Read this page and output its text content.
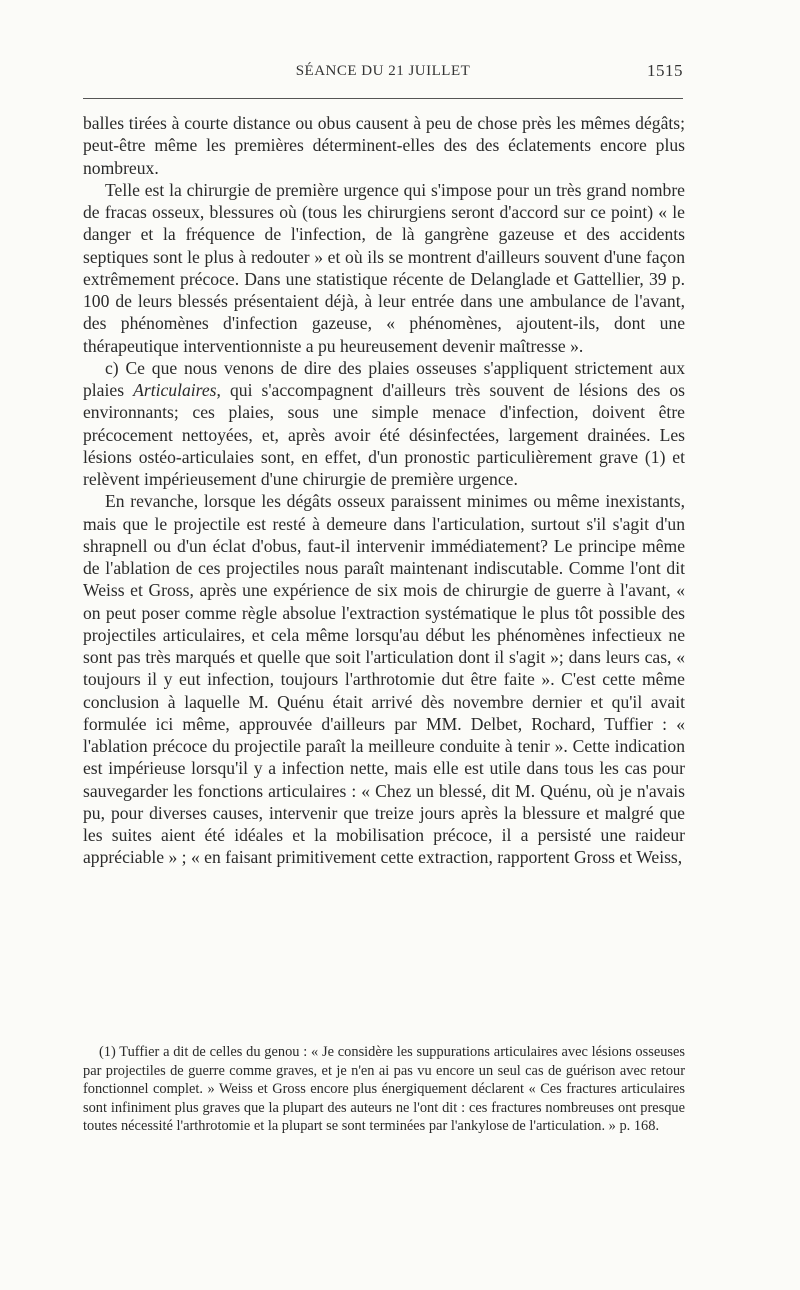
SÉANCE DU 21 JUILLET	1515

balles tirées à courte distance ou obus causent à peu de chose près les mêmes dégâts; peut-être même les premières déterminent-elles des des éclatements encore plus nombreux.

Telle est la chirurgie de première urgence qui s'impose pour un très grand nombre de fracas osseux, blessures où (tous les chirurgiens seront d'accord sur ce point) « le danger et la fréquence de l'infection, de là gangrène gazeuse et des accidents septiques sont le plus à redouter » et où ils se montrent d'ailleurs souvent d'une façon extrêmement précoce. Dans une statistique récente de Delanglade et Gattellier, 39 p. 100 de leurs blessés présentaient déjà, à leur entrée dans une ambulance de l'avant, des phénomènes d'infection gazeuse, « phénomènes, ajoutent-ils, dont une thérapeutique interventionniste a pu heureusement devenir maîtresse ».

c) Ce que nous venons de dire des plaies osseuses s'appliquent strictement aux plaies Articulaires, qui s'accompagnent d'ailleurs très souvent de lésions des os environnants; ces plaies, sous une simple menace d'infection, doivent être précocement nettoyées, et, après avoir été désinfectées, largement drainées. Les lésions ostéo-articulaies sont, en effet, d'un pronostic particulièrement grave (1) et relèvent impérieusement d'une chirurgie de première urgence.

En revanche, lorsque les dégâts osseux paraissent minimes ou même inexistants, mais que le projectile est resté à demeure dans l'articulation, surtout s'il s'agit d'un shrapnell ou d'un éclat d'obus, faut-il intervenir immédiatement? Le principe même de l'ablation de ces projectiles nous paraît maintenant indiscutable. Comme l'ont dit Weiss et Gross, après une expérience de six mois de chirurgie de guerre à l'avant, « on peut poser comme règle absolue l'extraction systématique le plus tôt possible des projectiles articulaires, et cela même lorsqu'au début les phénomènes infectieux ne sont pas très marqués et quelle que soit l'articulation dont il s'agit »; dans leurs cas, « toujours il y eut infection, toujours l'arthrotomie dut être faite ». C'est cette même conclusion à laquelle M. Quénu était arrivé dès novembre dernier et qu'il avait formulée ici même, approuvée d'ailleurs par MM. Delbet, Rochard, Tuffier : « l'ablation précoce du projectile paraît la meilleure conduite à tenir ». Cette indication est impérieuse lorsqu'il y a infection nette, mais elle est utile dans tous les cas pour sauvegarder les fonctions articulaires : « Chez un blessé, dit M. Quénu, où je n'avais pu, pour diverses causes, intervenir que treize jours après la blessure et malgré que les suites aient été idéales et la mobilisation précoce, il a persisté une raideur appréciable » ; « en faisant primitivement cette extraction, rapportent Gross et Weiss,

(1) Tuffier a dit de celles du genou : « Je considère les suppurations articulaires avec lésions osseuses par projectiles de guerre comme graves, et je n'en ai pas vu encore un seul cas de guérison avec retour fonctionnel complet. » Weiss et Gross encore plus énergiquement déclarent « Ces fractures articulaires sont infiniment plus graves que la plupart des auteurs ne l'ont dit : ces fractures nombreuses ont presque toutes nécessité l'arthrotomie et la plupart se sont terminées par l'ankylose de l'articulation. » p. 168.
